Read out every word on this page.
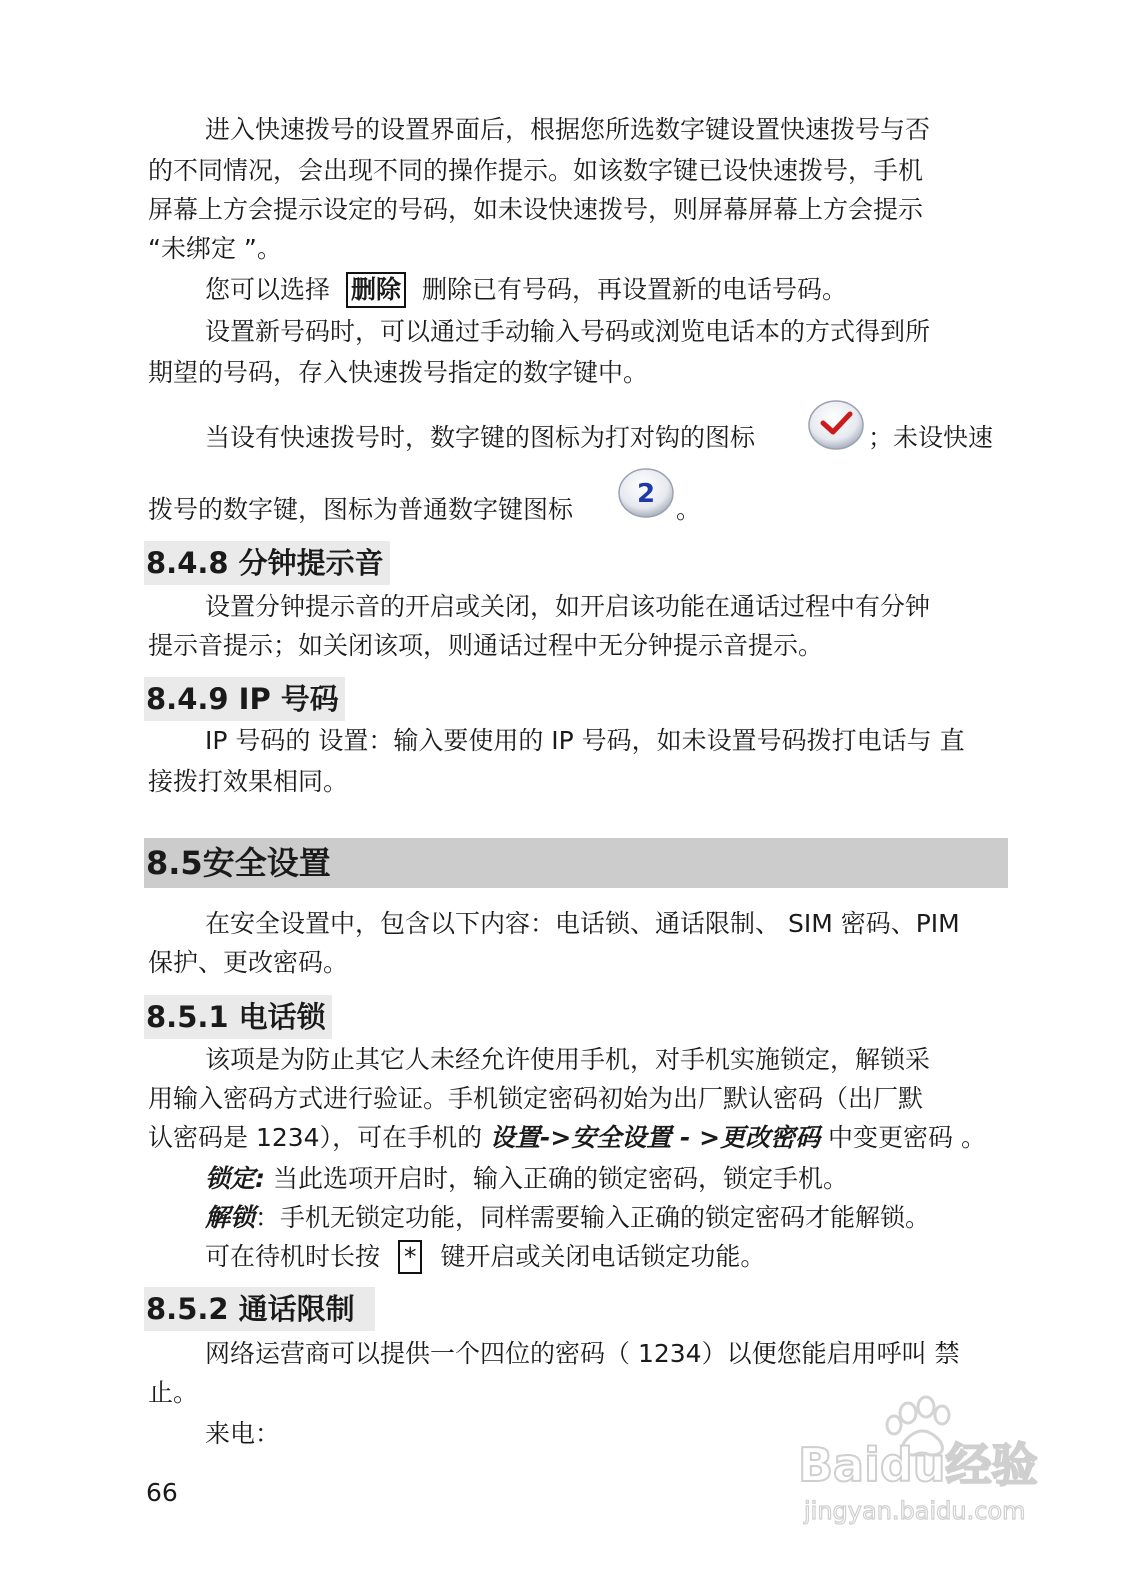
进入快速拨号的设置界面后，根据您所选数字键设置快速拨号与否
的不同情况，会出现不同的操作提示。如该数字键已设快速拨号，手机
屏幕上方会提示设定的号码，如未设快速拨号，则屏幕屏幕上方会提示
“未绑定 ”。
您可以选择 删除 删除已有号码，再设置新的电话号码。
设置新号码时，可以通过手动输入号码或浏览电话本的方式得到所
期望的号码，存入快速拨号指定的数字键中。
当设有快速拨号时，数字键的图标为打对钩的图标	；未设快速
拨号的数字键，图标为普通数字键图标
2
。
8.4.8 分钟提示音
设置分钟提示音的开启或关闭，如开启该功能在通话过程中有分钟
提示音提示；如关闭该项，则通话过程中无分钟提示音提示。
8.4.9 IP 号码
IP 号码的 设置：输入要使用的 IP 号码，如未设置号码拨打电话与 直
接拨打效果相同。
8.5安全设置
在安全设置中，包含以下内容：电话锁、通话限制、 SIM 密码、PIM
保护、更改密码。
8.5.1 电话锁
该项是为防止其它人未经允许使用手机，对手机实施锁定，解锁采
用输入密码方式进行验证。手机锁定密码初始为出厂默认密码（出厂默
认密码是 1234），可在手机的 设置->安全设置 - >更改密码 中变更密码 。
锁定: 当此选项开启时，输入正确的锁定密码，锁定手机。
解锁：手机无锁定功能，同样需要输入正确的锁定密码才能解锁。
可在待机时长按 * 键开启或关闭电话锁定功能。
8.5.2 通话限制
网络运营商可以提供一个四位的密码（ 1234）以便您能启用呼叫 禁
止。
来电：
66
Baidu经验
jingyan.baidu.com
